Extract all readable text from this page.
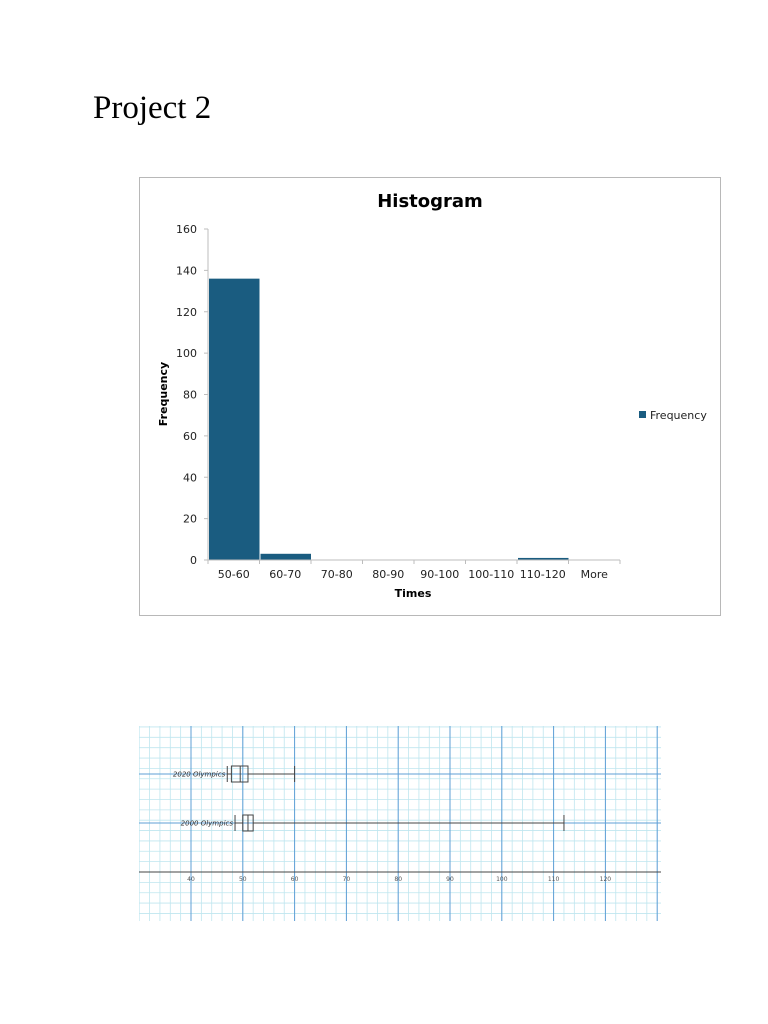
Project 2
Histogram
0
20
40
60
80
100
120
140
160
50-60 60-70 70-80 80-90 90-100 100-110 110-120 More
Times
Frequency	Frequency
40	50	60	70	80	90	100	110	120
2020 Olympics
2000 Olympics
